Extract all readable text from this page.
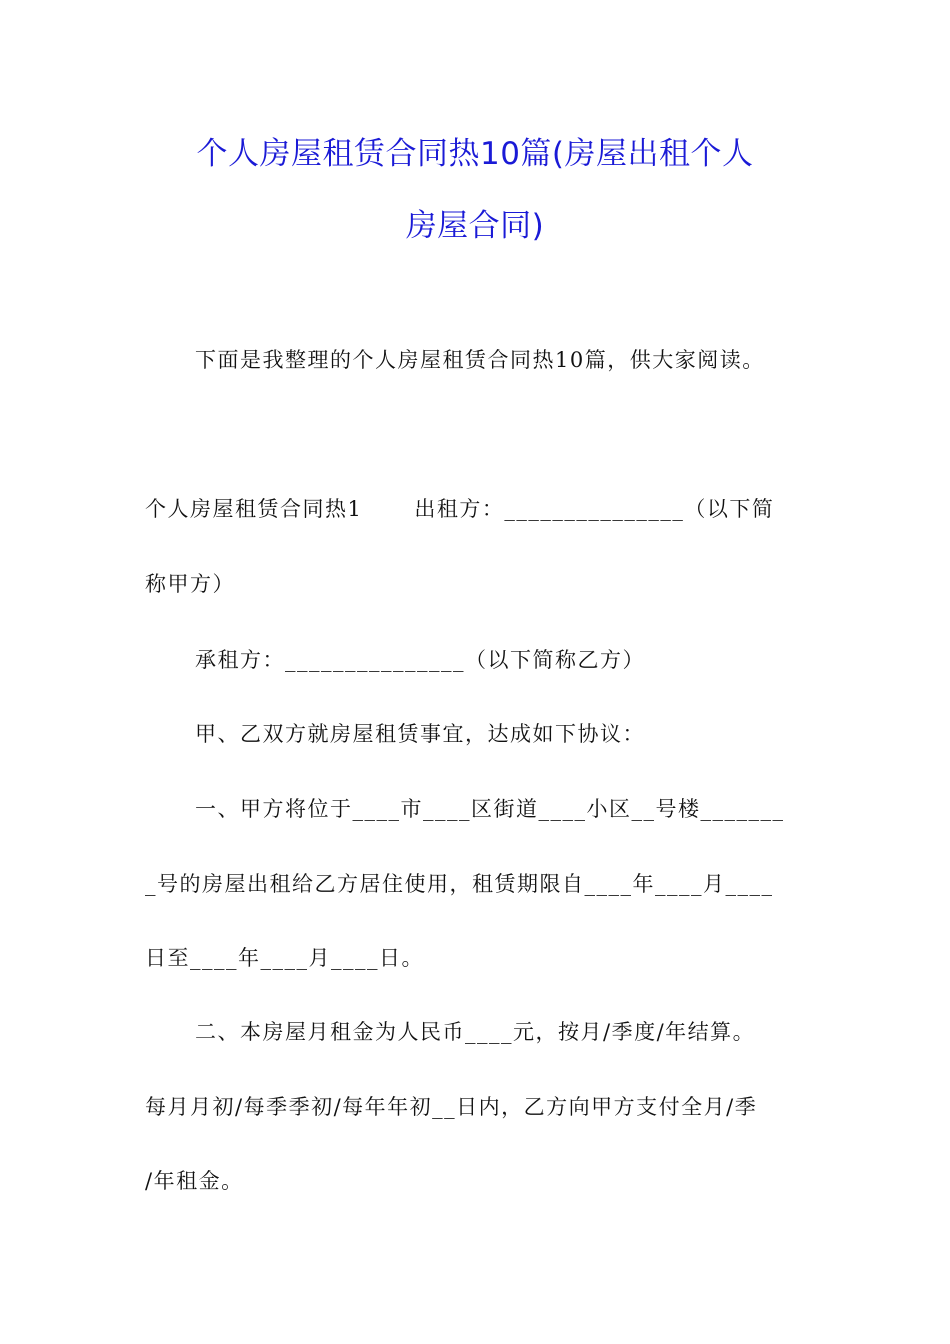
个人房屋租赁合同热10篇(房屋出租个人
房屋合同)
下面是我整理的个人房屋租赁合同热10篇，供大家阅读。
个人房屋租赁合同热1 出租方：_______________（以下简
称甲方）
承租方：_______________（以下简称乙方）
甲、乙双方就房屋租赁事宜，达成如下协议：
一、甲方将位于____市____区街道____小区__号楼_______
_号的房屋出租给乙方居住使用，租赁期限自____年____月____
日至____年____月____日。
二、本房屋月租金为人民币____元，按月/季度/年结算。
每月月初/每季季初/每年年初__日内，乙方向甲方支付全月/季
/年租金。
